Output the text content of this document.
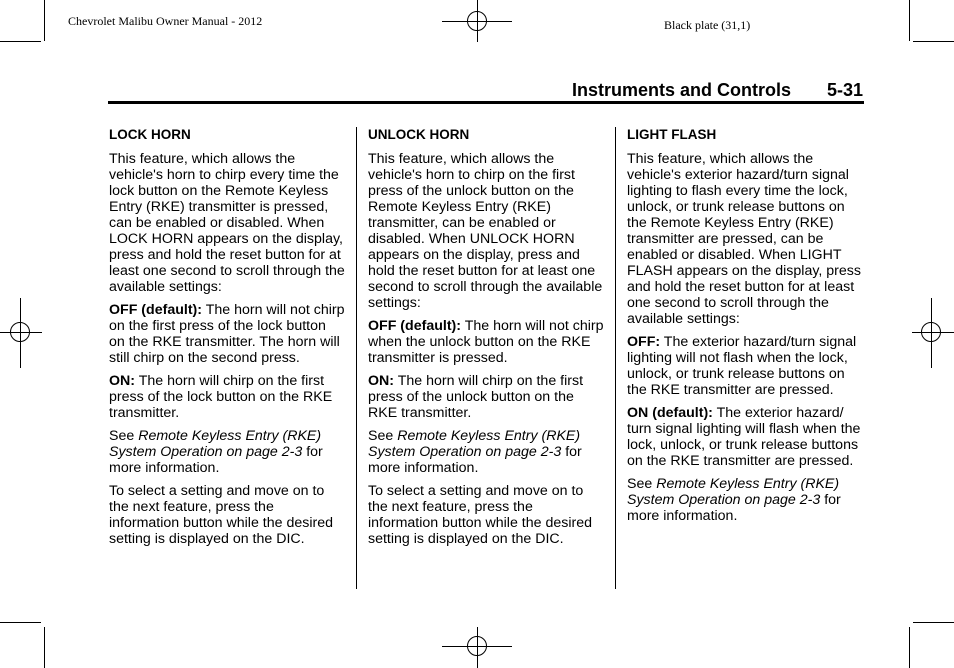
Chevrolet Malibu Owner Manual - 2012	Black plate (31,1)
Instruments and Controls 5-31

LOCK HORN

This feature, which allows the vehicle's horn to chirp every time the lock button on the Remote Keyless Entry (RKE) transmitter is pressed, can be enabled or disabled. When LOCK HORN appears on the display, press and hold the reset button for at least one second to scroll through the available settings:

OFF (default): The horn will not chirp on the first press of the lock button on the RKE transmitter. The horn will still chirp on the second press.

ON: The horn will chirp on the first press of the lock button on the RKE transmitter.

See Remote Keyless Entry (RKE) System Operation on page 2-3 for more information.

To select a setting and move on to the next feature, press the information button while the desired setting is displayed on the DIC.

UNLOCK HORN

This feature, which allows the vehicle's horn to chirp on the first press of the unlock button on the Remote Keyless Entry (RKE) transmitter, can be enabled or disabled. When UNLOCK HORN appears on the display, press and hold the reset button for at least one second to scroll through the available settings:

OFF (default): The horn will not chirp when the unlock button on the RKE transmitter is pressed.

ON: The horn will chirp on the first press of the unlock button on the RKE transmitter.

See Remote Keyless Entry (RKE) System Operation on page 2-3 for more information.

To select a setting and move on to the next feature, press the information button while the desired setting is displayed on the DIC.

LIGHT FLASH

This feature, which allows the vehicle's exterior hazard/turn signal lighting to flash every time the lock, unlock, or trunk release buttons on the Remote Keyless Entry (RKE) transmitter are pressed, can be enabled or disabled. When LIGHT FLASH appears on the display, press and hold the reset button for at least one second to scroll through the available settings:

OFF: The exterior hazard/turn signal lighting will not flash when the lock, unlock, or trunk release buttons on the RKE transmitter are pressed.

ON (default): The exterior hazard/ turn signal lighting will flash when the lock, unlock, or trunk release buttons on the RKE transmitter are pressed.

See Remote Keyless Entry (RKE) System Operation on page 2-3 for more information.
